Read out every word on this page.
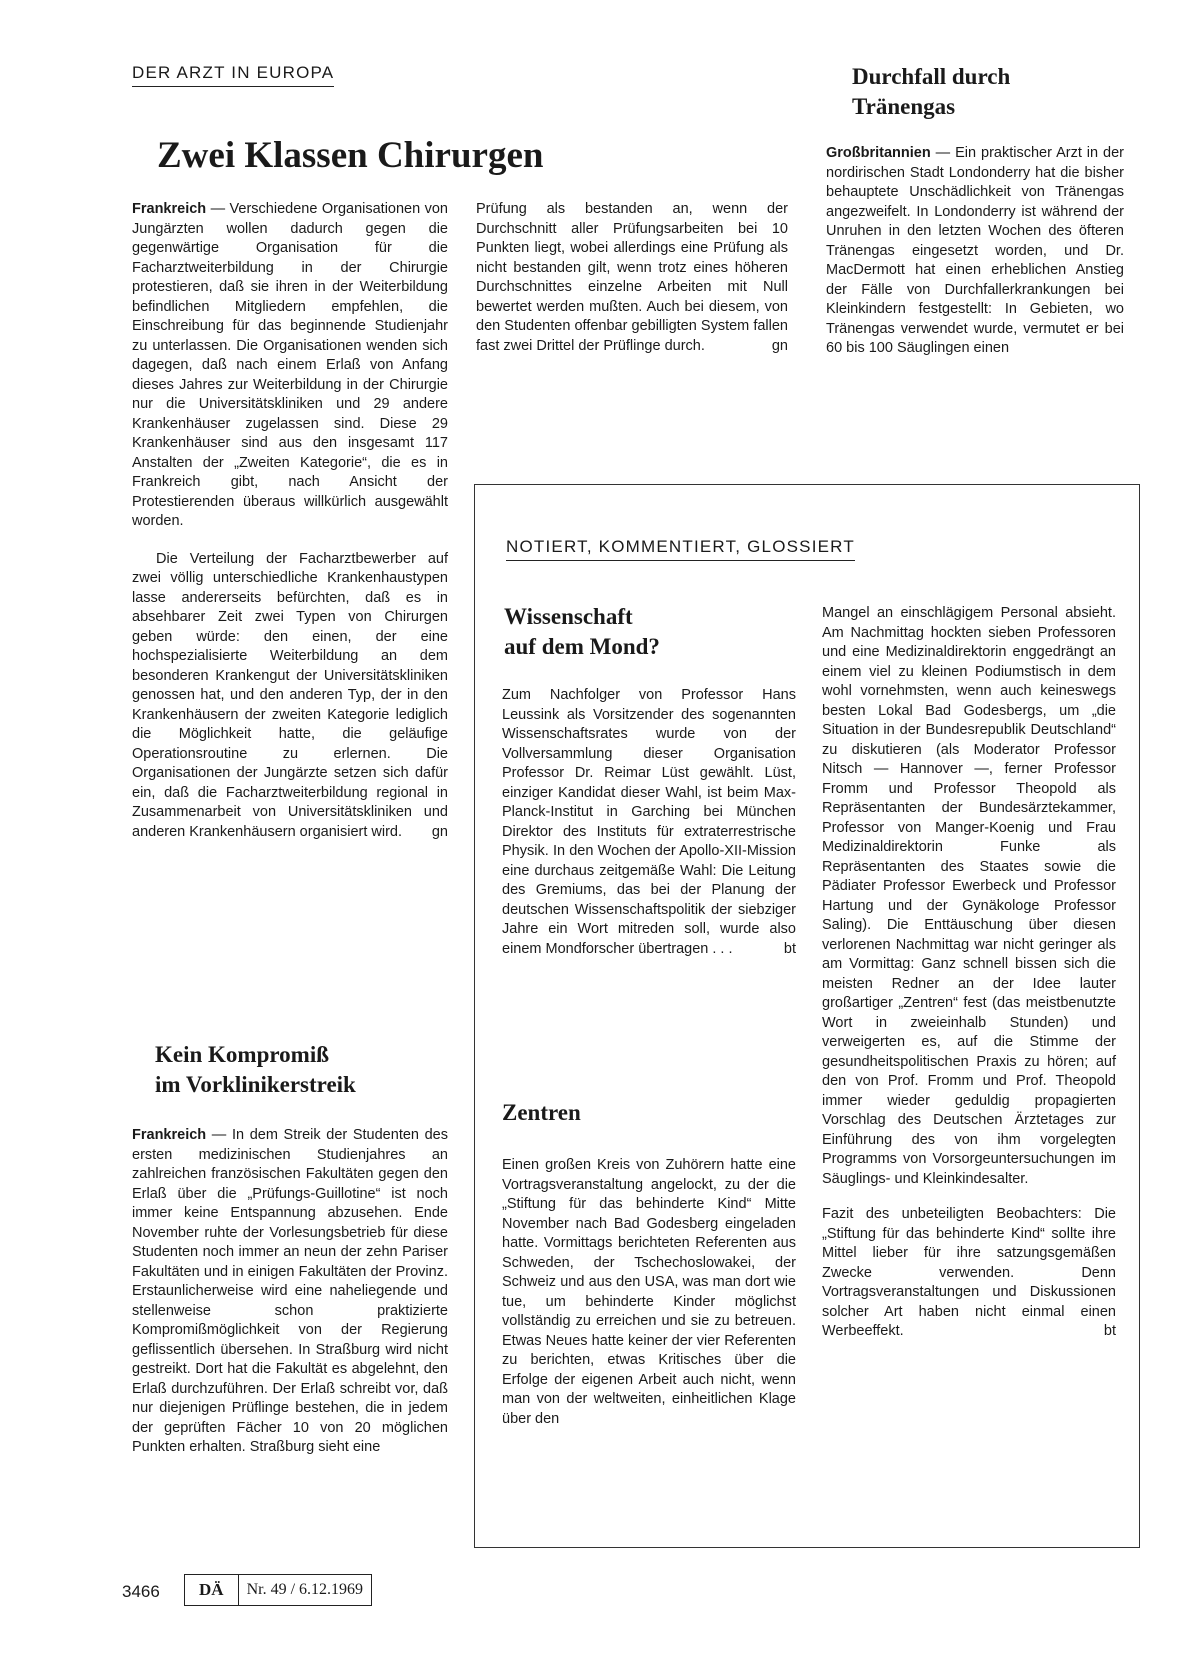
DER ARZT IN EUROPA
Zwei Klassen Chirurgen

Frankreich — Verschiedene Organisationen von Jungärzten wollen dadurch gegen die gegenwärtige Organisation für die Facharztweiterbildung in der Chirurgie protestieren, daß sie ihren in der Weiterbildung befindlichen Mitgliedern empfehlen, die Einschreibung für das beginnende Studienjahr zu unterlassen. Die Organisationen wenden sich dagegen, daß nach einem Erlaß von Anfang dieses Jahres zur Weiterbildung in der Chirurgie nur die Universitätskliniken und 29 andere Krankenhäuser zugelassen sind. Diese 29 Krankenhäuser sind aus den insgesamt 117 Anstalten der „Zweiten Kategorie“, die es in Frankreich gibt, nach Ansicht der Protestierenden überaus willkürlich ausgewählt worden.

Die Verteilung der Facharztbewerber auf zwei völlig unterschiedliche Krankenhaustypen lasse andererseits befürchten, daß es in absehbarer Zeit zwei Typen von Chirurgen geben würde: den einen, der eine hochspezialisierte Weiterbildung an dem besonderen Krankengut der Universitätskliniken genossen hat, und den anderen Typ, der in den Krankenhäusern der zweiten Kategorie lediglich die Möglichkeit hatte, die geläufige Operationsroutine zu erlernen. Die Organisationen der Jungärzte setzen sich dafür ein, daß die Facharztweiterbildung regional in Zusammenarbeit von Universitätskliniken und anderen Krankenhäusern organisiert wird.	gn

Prüfung als bestanden an, wenn der Durchschnitt aller Prüfungsarbeiten bei 10 Punkten liegt, wobei allerdings eine Prüfung als nicht bestanden gilt, wenn trotz eines höheren Durchschnittes einzelne Arbeiten mit Null bewertet werden mußten. Auch bei diesem, von den Studenten offenbar gebilligten System fallen fast zwei Drittel der Prüflinge durch.	gn

Kein Kompromiß
im Vorklinikerstreik

Frankreich — In dem Streik der Studenten des ersten medizinischen Studienjahres an zahlreichen französischen Fakultäten gegen den Erlaß über die „Prüfungs-Guillotine“ ist noch immer keine Entspannung abzusehen. Ende November ruhte der Vorlesungsbetrieb für diese Studenten noch immer an neun der zehn Pariser Fakultäten und in einigen Fakultäten der Provinz. Erstaunlicherweise wird eine naheliegende und stellenweise schon praktizierte Kompromißmöglichkeit von der Regierung geflissentlich übersehen. In Straßburg wird nicht gestreikt. Dort hat die Fakultät es abgelehnt, den Erlaß durchzuführen. Der Erlaß schreibt vor, daß nur diejenigen Prüflinge bestehen, die in jedem der geprüften Fächer 10 von 20 möglichen Punkten erhalten. Straßburg sieht eine

Durchfall durch
Tränengas

Großbritannien — Ein praktischer Arzt in der nordirischen Stadt Londonderry hat die bisher behauptete Unschädlichkeit von Tränengas angezweifelt. In Londonderry ist während der Unruhen in den letzten Wochen des öfteren Tränengas eingesetzt worden, und Dr. MacDermott hat einen erheblichen Anstieg der Fälle von Durchfallerkrankungen bei Kleinkindern festgestellt: In Gebieten, wo Tränengas verwendet wurde, vermutet er bei 60 bis 100 Säuglingen einen

NOTIERT, KOMMENTIERT, GLOSSIERT
Wissenschaft
auf dem Mond?

Zum Nachfolger von Professor Hans Leussink als Vorsitzender des sogenannten Wissenschaftsrates wurde von der Vollversammlung dieser Organisation Professor Dr. Reimar Lüst gewählt. Lüst, einziger Kandidat dieser Wahl, ist beim Max-Planck-Institut in Garching bei München Direktor des Instituts für extraterrestrische Physik. In den Wochen der Apollo-XII-Mission eine durchaus zeitgemäße Wahl: Die Leitung des Gremiums, das bei der Planung der deutschen Wissenschaftspolitik der siebziger Jahre ein Wort mitreden soll, wurde also einem Mondforscher übertragen . . .	bt

Zentren

Einen großen Kreis von Zuhörern hatte eine Vortragsveranstaltung angelockt, zu der die „Stiftung für das behinderte Kind“ Mitte November nach Bad Godesberg eingeladen hatte. Vormittags berichteten Referenten aus Schweden, der Tschechoslowakei, der Schweiz und aus den USA, was man dort wie tue, um behinderte Kinder möglichst vollständig zu erreichen und sie zu betreuen. Etwas Neues hatte keiner der vier Referenten zu berichten, etwas Kritisches über die Erfolge der eigenen Arbeit auch nicht, wenn man von der weltweiten, einheitlichen Klage über den

Mangel an einschlägigem Personal absieht. Am Nachmittag hockten sieben Professoren und eine Medizinaldirektorin enggedrängt an einem viel zu kleinen Podiumstisch in dem wohl vornehmsten, wenn auch keineswegs besten Lokal Bad Godesbergs, um „die Situation in der Bundesrepublik Deutschland“ zu diskutieren (als Moderator Professor Nitsch — Hannover —, ferner Professor Fromm und Professor Theopold als Repräsentanten der Bundesärztekammer, Professor von Manger-Koenig und Frau Medizinaldirektorin Funke als Repräsentanten des Staates sowie die Pädiater Professor Ewerbeck und Professor Hartung und der Gynäkologe Professor Saling). Die Enttäuschung über diesen verlorenen Nachmittag war nicht geringer als am Vormittag: Ganz schnell bissen sich die meisten Redner an der Idee lauter großartiger „Zentren“ fest (das meistbenutzte Wort in zweieinhalb Stunden) und verweigerten es, auf die Stimme der gesundheitspolitischen Praxis zu hören; auf den von Prof. Fromm und Prof. Theopold immer wieder geduldig propagierten Vorschlag des Deutschen Ärztetages zur Einführung des von ihm vorgelegten Programms von Vorsorgeuntersuchungen im Säuglings- und Kleinkindesalter.

Fazit des unbeteiligten Beobachters: Die „Stiftung für das behinderte Kind“ sollte ihre Mittel lieber für ihre satzungsgemäßen Zwecke verwenden. Denn Vortragsveranstaltungen und Diskussionen solcher Art haben nicht einmal einen Werbeeffekt.	bt

3466	DÄ	Nr. 49 / 6.12.1969
